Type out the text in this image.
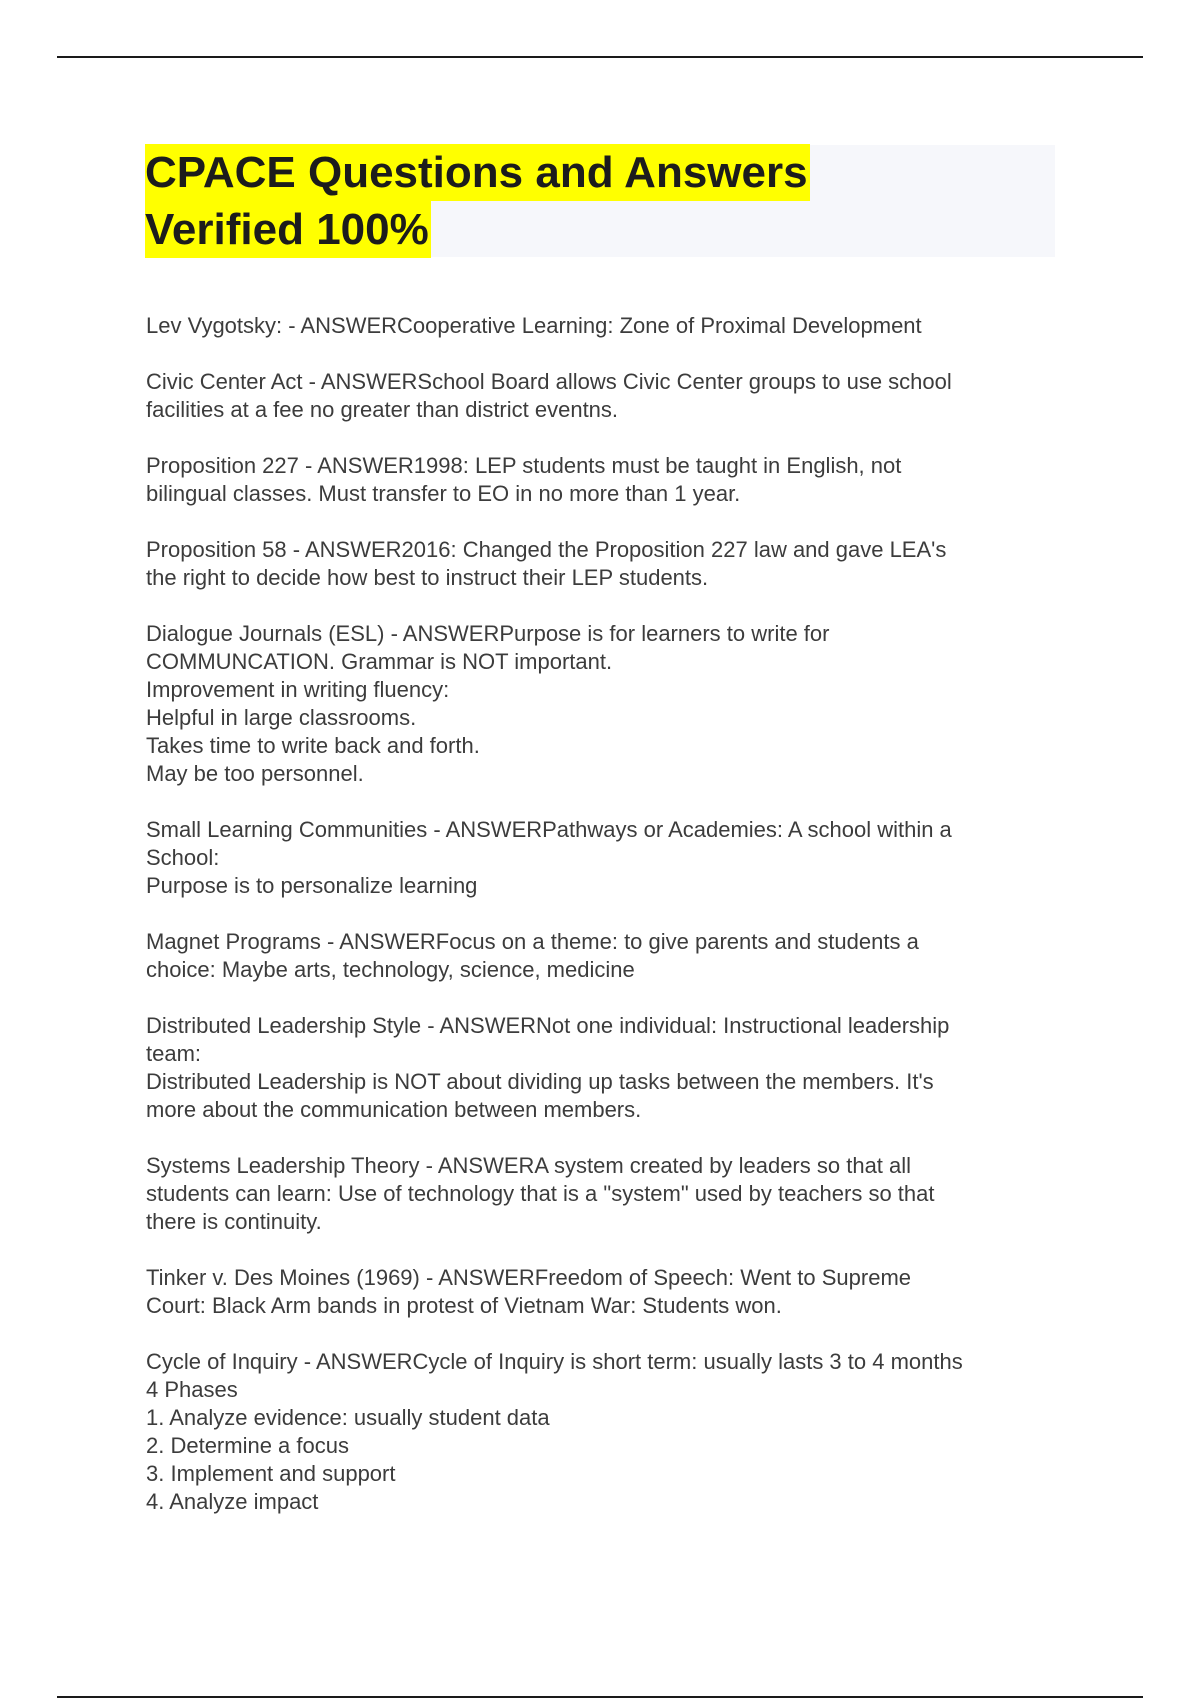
CPACE Questions and Answers
Verified 100%
Lev Vygotsky: - ANSWERCooperative Learning: Zone of Proximal Development
Civic Center Act - ANSWERSchool Board allows Civic Center groups to use school
facilities at a fee no greater than district eventns.
Proposition 227 - ANSWER1998: LEP students must be taught in English, not
bilingual classes. Must transfer to EO in no more than 1 year.
Proposition 58 - ANSWER2016: Changed the Proposition 227 law and gave LEA's
the right to decide how best to instruct their LEP students.
Dialogue Journals (ESL) - ANSWERPurpose is for learners to write for
COMMUNCATION. Grammar is NOT important.
Improvement in writing fluency:
Helpful in large classrooms.
Takes time to write back and forth.
May be too personnel.
Small Learning Communities - ANSWERPathways or Academies: A school within a
School:
Purpose is to personalize learning
Magnet Programs - ANSWERFocus on a theme: to give parents and students a
choice: Maybe arts, technology, science, medicine
Distributed Leadership Style - ANSWERNot one individual: Instructional leadership
team:
Distributed Leadership is NOT about dividing up tasks between the members. It's
more about the communication between members.
Systems Leadership Theory - ANSWERA system created by leaders so that all
students can learn: Use of technology that is a "system" used by teachers so that
there is continuity.
Tinker v. Des Moines (1969) - ANSWERFreedom of Speech: Went to Supreme
Court: Black Arm bands in protest of Vietnam War: Students won.
Cycle of Inquiry - ANSWERCycle of Inquiry is short term: usually lasts 3 to 4 months
4 Phases
1. Analyze evidence: usually student data
2. Determine a focus
3. Implement and support
4. Analyze impact
